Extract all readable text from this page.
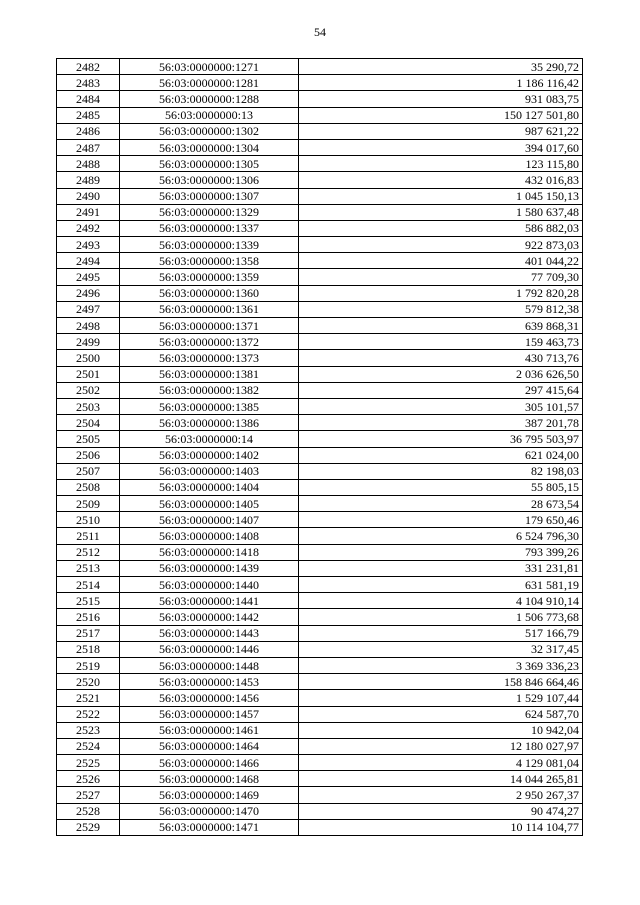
54
2482	56:03:0000000:1271	35 290,72
2483	56:03:0000000:1281	1 186 116,42
2484	56:03:0000000:1288	931 083,75
2485	56:03:0000000:13	150 127 501,80
2486	56:03:0000000:1302	987 621,22
2487	56:03:0000000:1304	394 017,60
2488	56:03:0000000:1305	123 115,80
2489	56:03:0000000:1306	432 016,83
2490	56:03:0000000:1307	1 045 150,13
2491	56:03:0000000:1329	1 580 637,48
2492	56:03:0000000:1337	586 882,03
2493	56:03:0000000:1339	922 873,03
2494	56:03:0000000:1358	401 044,22
2495	56:03:0000000:1359	77 709,30
2496	56:03:0000000:1360	1 792 820,28
2497	56:03:0000000:1361	579 812,38
2498	56:03:0000000:1371	639 868,31
2499	56:03:0000000:1372	159 463,73
2500	56:03:0000000:1373	430 713,76
2501	56:03:0000000:1381	2 036 626,50
2502	56:03:0000000:1382	297 415,64
2503	56:03:0000000:1385	305 101,57
2504	56:03:0000000:1386	387 201,78
2505	56:03:0000000:14	36 795 503,97
2506	56:03:0000000:1402	621 024,00
2507	56:03:0000000:1403	82 198,03
2508	56:03:0000000:1404	55 805,15
2509	56:03:0000000:1405	28 673,54
2510	56:03:0000000:1407	179 650,46
2511	56:03:0000000:1408	6 524 796,30
2512	56:03:0000000:1418	793 399,26
2513	56:03:0000000:1439	331 231,81
2514	56:03:0000000:1440	631 581,19
2515	56:03:0000000:1441	4 104 910,14
2516	56:03:0000000:1442	1 506 773,68
2517	56:03:0000000:1443	517 166,79
2518	56:03:0000000:1446	32 317,45
2519	56:03:0000000:1448	3 369 336,23
2520	56:03:0000000:1453	158 846 664,46
2521	56:03:0000000:1456	1 529 107,44
2522	56:03:0000000:1457	624 587,70
2523	56:03:0000000:1461	10 942,04
2524	56:03:0000000:1464	12 180 027,97
2525	56:03:0000000:1466	4 129 081,04
2526	56:03:0000000:1468	14 044 265,81
2527	56:03:0000000:1469	2 950 267,37
2528	56:03:0000000:1470	90 474,27
2529	56:03:0000000:1471	10 114 104,77
